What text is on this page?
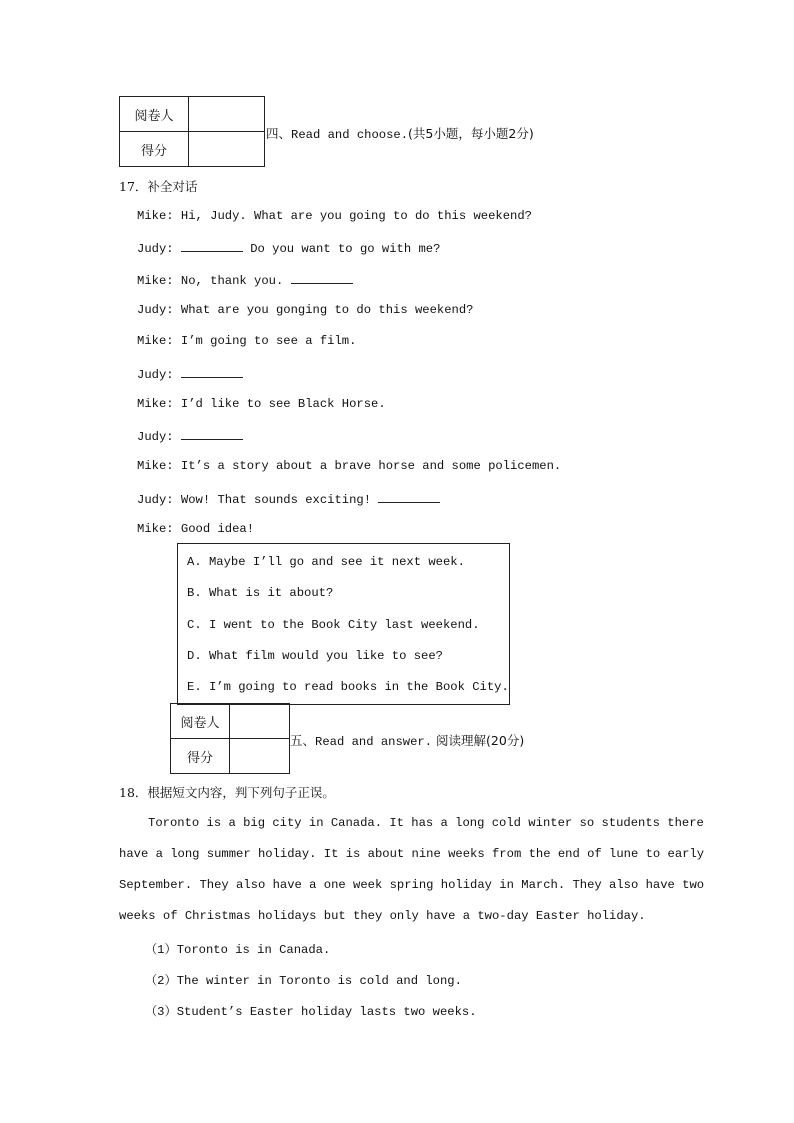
阅卷人	
得分	
四、Read and choose.(共5小题，每小题2分)
17．补全对话
Mike: Hi, Judy. What are you going to do this weekend?
Judy:	Do you want to go with me?
Mike: No, thank you.
Judy: What are you gonging to do this weekend?
Mike: I’m going to see a film.
Judy:
Mike: I’d like to see Black Horse.
Judy:
Mike: It’s a story about a brave horse and some policemen.
Judy: Wow! That sounds exciting!
Mike: Good idea!
A. Maybe I’ll go and see it next week.
B. What is it about?
C. I went to the Book City last weekend.
D. What film would you like to see?
E. I’m going to read books in the Book City.
阅卷人	
得分	
五、Read and answer. 阅读理解(20分)
18．根据短文内容，判下列句子正误。
Toronto is a big city in Canada. It has a long cold winter so students there
have a long summer holiday. It is about nine weeks from the end of lune to early
September. They also have a one week spring holiday in March. They also have two
weeks of Christmas holidays but they only have a two-day Easter holiday.
（1）Toronto is in Canada.
（2）The winter in Toronto is cold and long.
（3）Student’s Easter holiday lasts two weeks.
